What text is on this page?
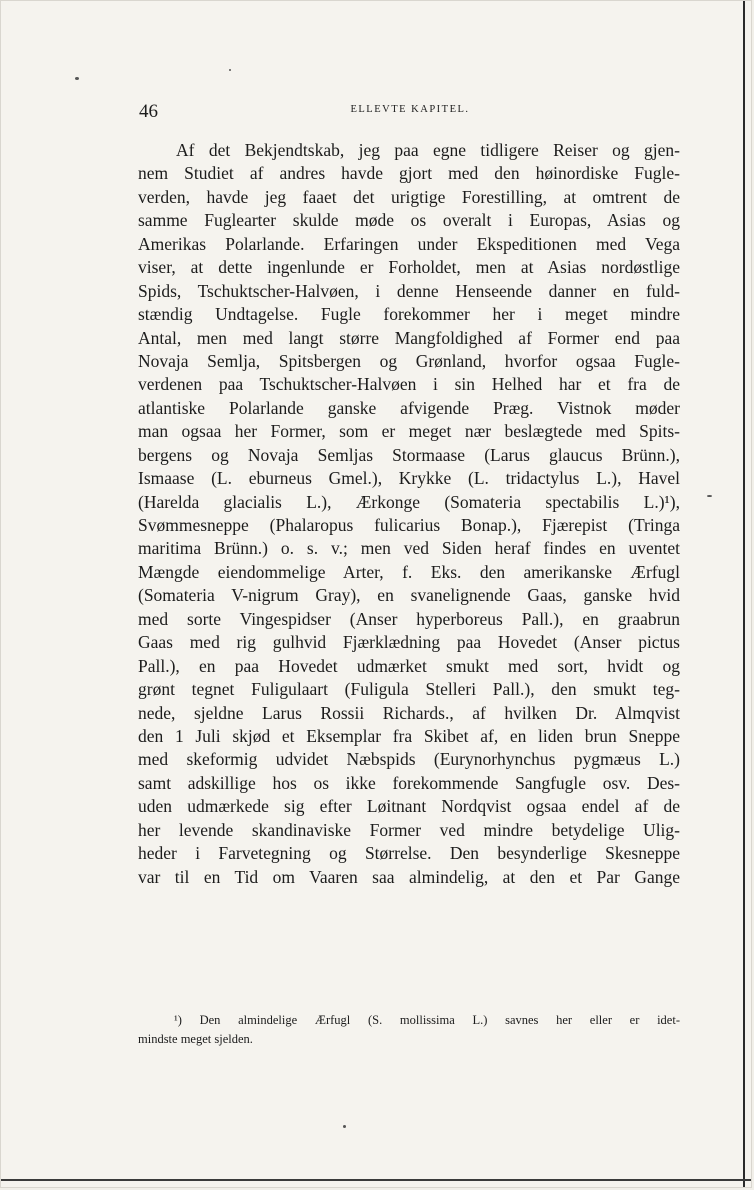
46	ELLEVTE KAPITEL.
Af det Bekjendtskab, jeg paa egne tidligere Reiser og gjen-
nem Studiet af andres havde gjort med den høinordiske Fugle-
verden, havde jeg faaet det urigtige Forestilling, at omtrent de
samme Fuglearter skulde møde os overalt i Europas, Asias og
Amerikas Polarlande. Erfaringen under Ekspeditionen med Vega
viser, at dette ingenlunde er Forholdet, men at Asias nordøstlige
Spids, Tschuktscher-Halvøen, i denne Henseende danner en fuld-
stændig Undtagelse. Fugle forekommer her i meget mindre
Antal, men med langt større Mangfoldighed af Former end paa
Novaja Semlja, Spitsbergen og Grønland, hvorfor ogsaa Fugle-
verdenen paa Tschuktscher-Halvøen i sin Helhed har et fra de
atlantiske Polarlande ganske afvigende Præg. Vistnok møder
man ogsaa her Former, som er meget nær beslægtede med Spits-
bergens og Novaja Semljas Stormaase (Larus glaucus Brünn.),
Ismaase (L. eburneus Gmel.), Krykke (L. tridactylus L.), Havel
(Harelda glacialis L.), Ærkonge (Somateria spectabilis L.)¹),
Svømmesneppe (Phalaropus fulicarius Bonap.), Fjærepist (Tringa
maritima Brünn.) o. s. v.; men ved Siden heraf findes en uventet
Mængde eiendommelige Arter, f. Eks. den amerikanske Ærfugl
(Somateria V-nigrum Gray), en svanelignende Gaas, ganske hvid
med sorte Vingespidser (Anser hyperboreus Pall.), en graabrun
Gaas med rig gulhvid Fjærklædning paa Hovedet (Anser pictus
Pall.), en paa Hovedet udmærket smukt med sort, hvidt og
grønt tegnet Fuligulaart (Fuligula Stelleri Pall.), den smukt teg-
nede, sjeldne Larus Rossii Richards., af hvilken Dr. Almqvist
den 1 Juli skjød et Eksemplar fra Skibet af, en liden brun Sneppe
med skeformig udvidet Næbspids (Eurynorhynchus pygmæus L.)
samt adskillige hos os ikke forekommende Sangfugle osv. Des-
uden udmærkede sig efter Løitnant Nordqvist ogsaa endel af de
her levende skandinaviske Former ved mindre betydelige Ulig-
heder i Farvetegning og Størrelse. Den besynderlige Skesneppe
var til en Tid om Vaaren saa almindelig, at den et Par Gange
¹) Den almindelige Ærfugl (S. mollissima L.) savnes her eller er idet-
mindste meget sjelden.
